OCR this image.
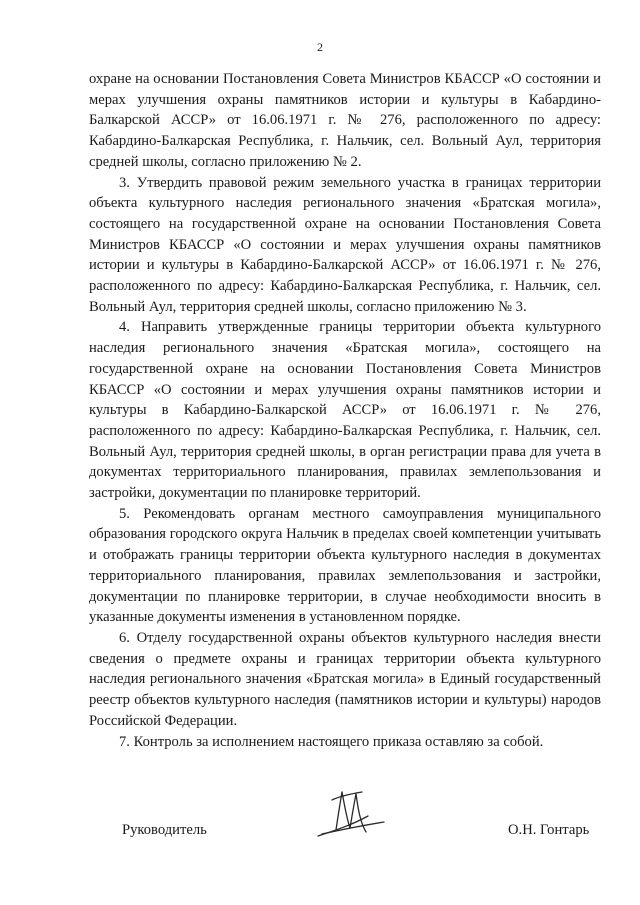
2

охране на основании Постановления Совета Министров КБАССР «О состоянии и мерах улучшения охраны памятников истории и культуры в Кабардино-Балкарской АССР» от 16.06.1971 г. № 276, расположенного по адресу: Кабардино-Балкарская Республика, г. Нальчик, сел. Вольный Аул, территория средней школы, согласно приложению № 2.

3. Утвердить правовой режим земельного участка в границах территории объекта культурного наследия регионального значения «Братская могила», состоящего на государственной охране на основании Постановления Совета Министров КБАССР «О состоянии и мерах улучшения охраны памятников истории и культуры в Кабардино-Балкарской АССР» от 16.06.1971 г. № 276, расположенного по адресу: Кабардино-Балкарская Республика, г. Нальчик, сел. Вольный Аул, территория средней школы, согласно приложению № 3.

4. Направить утвержденные границы территории объекта культурного наследия регионального значения «Братская могила», состоящего на государственной охране на основании Постановления Совета Министров КБАССР «О состоянии и мерах улучшения охраны памятников истории и культуры в Кабардино-Балкарской АССР» от 16.06.1971 г. № 276, расположенного по адресу: Кабардино-Балкарская Республика, г. Нальчик, сел. Вольный Аул, территория средней школы, в орган регистрации права для учета в документах территориального планирования, правилах землепользования и застройки, документации по планировке территорий.

5. Рекомендовать органам местного самоуправления муниципального образования городского округа Нальчик в пределах своей компетенции учитывать и отображать границы территории объекта культурного наследия в документах территориального планирования, правилах землепользования и застройки, документации по планировке территории, в случае необходимости вносить в указанные документы изменения в установленном порядке.

6. Отделу государственной охраны объектов культурного наследия внести сведения о предмете охраны и границах территории объекта культурного наследия регионального значения «Братская могила» в Единый государственный реестр объектов культурного наследия (памятников истории и культуры) народов Российской Федерации.

7. Контроль за исполнением настоящего приказа оставляю за собой.

Руководитель	О.Н. Гонтарь
